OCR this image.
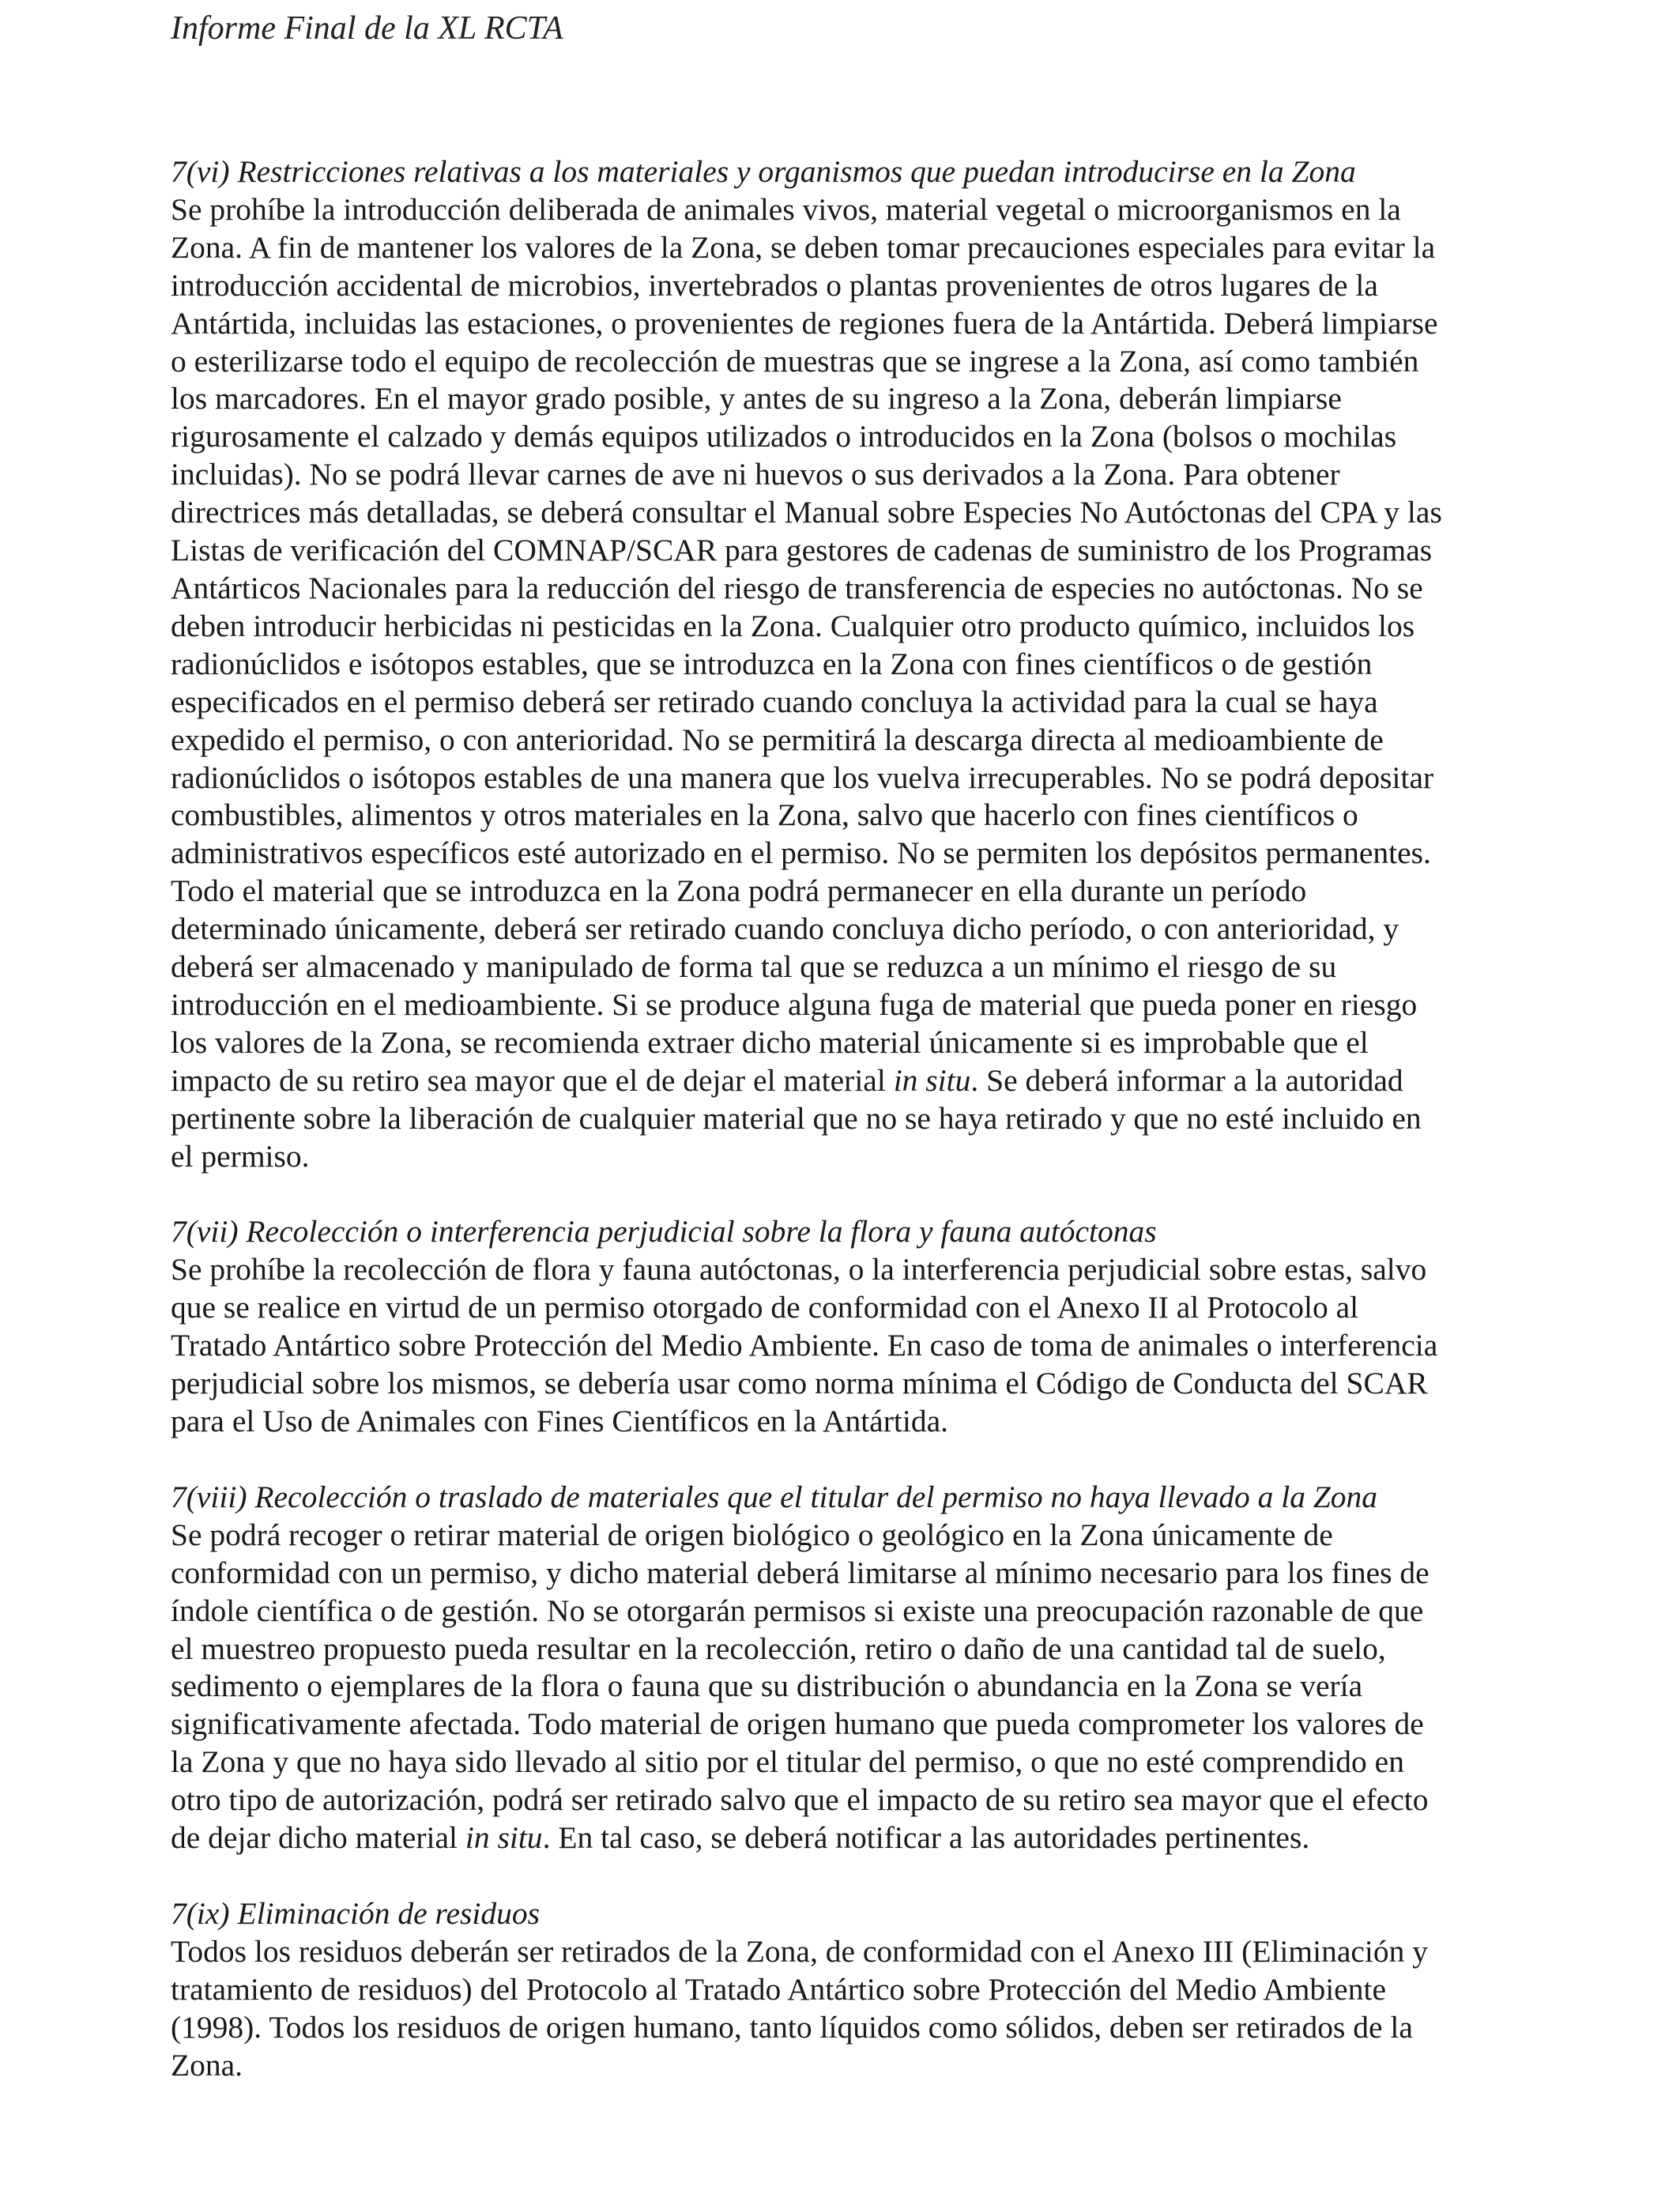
Informe Final de la XL RCTA

7(vi) Restricciones relativas a los materiales y organismos que puedan introducirse en la Zona

Se prohíbe la introducción deliberada de animales vivos, material vegetal o microorganismos en la
Zona. A fin de mantener los valores de la Zona, se deben tomar precauciones especiales para evitar la
introducción accidental de microbios, invertebrados o plantas provenientes de otros lugares de la
Antártida, incluidas las estaciones, o provenientes de regiones fuera de la Antártida. Deberá limpiarse
o esterilizarse todo el equipo de recolección de muestras que se ingrese a la Zona, así como también
los marcadores. En el mayor grado posible, y antes de su ingreso a la Zona, deberán limpiarse
rigurosamente el calzado y demás equipos utilizados o introducidos en la Zona (bolsos o mochilas
incluidas). No se podrá llevar carnes de ave ni huevos o sus derivados a la Zona. Para obtener
directrices más detalladas, se deberá consultar el Manual sobre Especies No Autóctonas del CPA y las
Listas de verificación del COMNAP/SCAR para gestores de cadenas de suministro de los Programas
Antárticos Nacionales para la reducción del riesgo de transferencia de especies no autóctonas. No se
deben introducir herbicidas ni pesticidas en la Zona. Cualquier otro producto químico, incluidos los
radionúclidos e isótopos estables, que se introduzca en la Zona con fines científicos o de gestión
especificados en el permiso deberá ser retirado cuando concluya la actividad para la cual se haya
expedido el permiso, o con anterioridad. No se permitirá la descarga directa al medioambiente de
radionúclidos o isótopos estables de una manera que los vuelva irrecuperables. No se podrá depositar
combustibles, alimentos y otros materiales en la Zona, salvo que hacerlo con fines científicos o
administrativos específicos esté autorizado en el permiso. No se permiten los depósitos permanentes.
Todo el material que se introduzca en la Zona podrá permanecer en ella durante un período
determinado únicamente, deberá ser retirado cuando concluya dicho período, o con anterioridad, y
deberá ser almacenado y manipulado de forma tal que se reduzca a un mínimo el riesgo de su
introducción en el medioambiente. Si se produce alguna fuga de material que pueda poner en riesgo
los valores de la Zona, se recomienda extraer dicho material únicamente si es improbable que el
impacto de su retiro sea mayor que el de dejar el material in situ. Se deberá informar a la autoridad
pertinente sobre la liberación de cualquier material que no se haya retirado y que no esté incluido en
el permiso.

7(vii) Recolección o interferencia perjudicial sobre la flora y fauna autóctonas

Se prohíbe la recolección de flora y fauna autóctonas, o la interferencia perjudicial sobre estas, salvo
que se realice en virtud de un permiso otorgado de conformidad con el Anexo II al Protocolo al
Tratado Antártico sobre Protección del Medio Ambiente. En caso de toma de animales o interferencia
perjudicial sobre los mismos, se debería usar como norma mínima el Código de Conducta del SCAR
para el Uso de Animales con Fines Científicos en la Antártida.

7(viii) Recolección o traslado de materiales que el titular del permiso no haya llevado a la Zona

Se podrá recoger o retirar material de origen biológico o geológico en la Zona únicamente de
conformidad con un permiso, y dicho material deberá limitarse al mínimo necesario para los fines de
índole científica o de gestión. No se otorgarán permisos si existe una preocupación razonable de que
el muestreo propuesto pueda resultar en la recolección, retiro o daño de una cantidad tal de suelo,
sedimento o ejemplares de la flora o fauna que su distribución o abundancia en la Zona se vería
significativamente afectada. Todo material de origen humano que pueda comprometer los valores de
la Zona y que no haya sido llevado al sitio por el titular del permiso, o que no esté comprendido en
otro tipo de autorización, podrá ser retirado salvo que el impacto de su retiro sea mayor que el efecto
de dejar dicho material in situ. En tal caso, se deberá notificar a las autoridades pertinentes.

7(ix) Eliminación de residuos

Todos los residuos deberán ser retirados de la Zona, de conformidad con el Anexo III (Eliminación y
tratamiento de residuos) del Protocolo al Tratado Antártico sobre Protección del Medio Ambiente
(1998). Todos los residuos de origen humano, tanto líquidos como sólidos, deben ser retirados de la
Zona.
